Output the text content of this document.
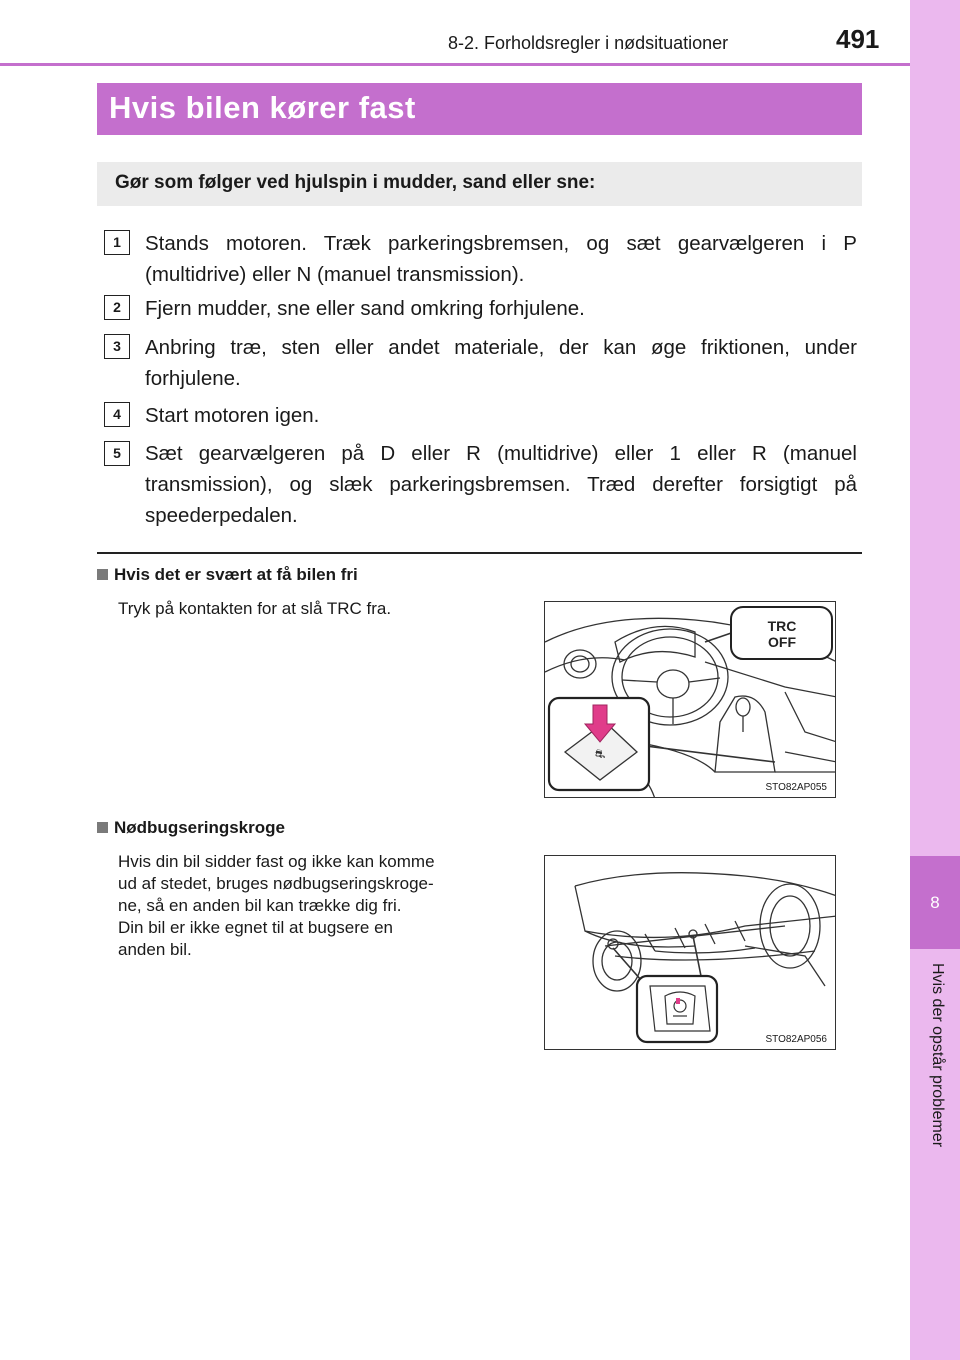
8
Hvis der opstår problemer
8-2. Forholdsregler i nødsituationer	491
Hvis bilen kører fast
Gør som følger ved hjulspin i mudder, sand eller sne:
1	Stands motoren. Træk parkeringsbremsen, og sæt gearvælgeren i P (multidrive) eller N (manuel transmission).
2	Fjern mudder, sne eller sand omkring forhjulene.
3	Anbring træ, sten eller andet materiale, der kan øge friktionen, under forhjulene.
4	Start motoren igen.
5	Sæt gearvælgeren på D eller R (multidrive) eller 1 eller R (manuel transmission), og slæk parkeringsbremsen. Træd derefter forsigtigt på speederpedalen.
Hvis det er svært at få bilen fri
Tryk på kontakten for at slå TRC fra.
TRC
OFF
⛐
STO82AP055
Nødbugseringskroge
Hvis din bil sidder fast og ikke kan komme
ud af stedet, bruges nødbugseringskroge-
ne, så en anden bil kan trække dig fri.
Din bil er ikke egnet til at bugsere en
anden bil.
STO82AP056
